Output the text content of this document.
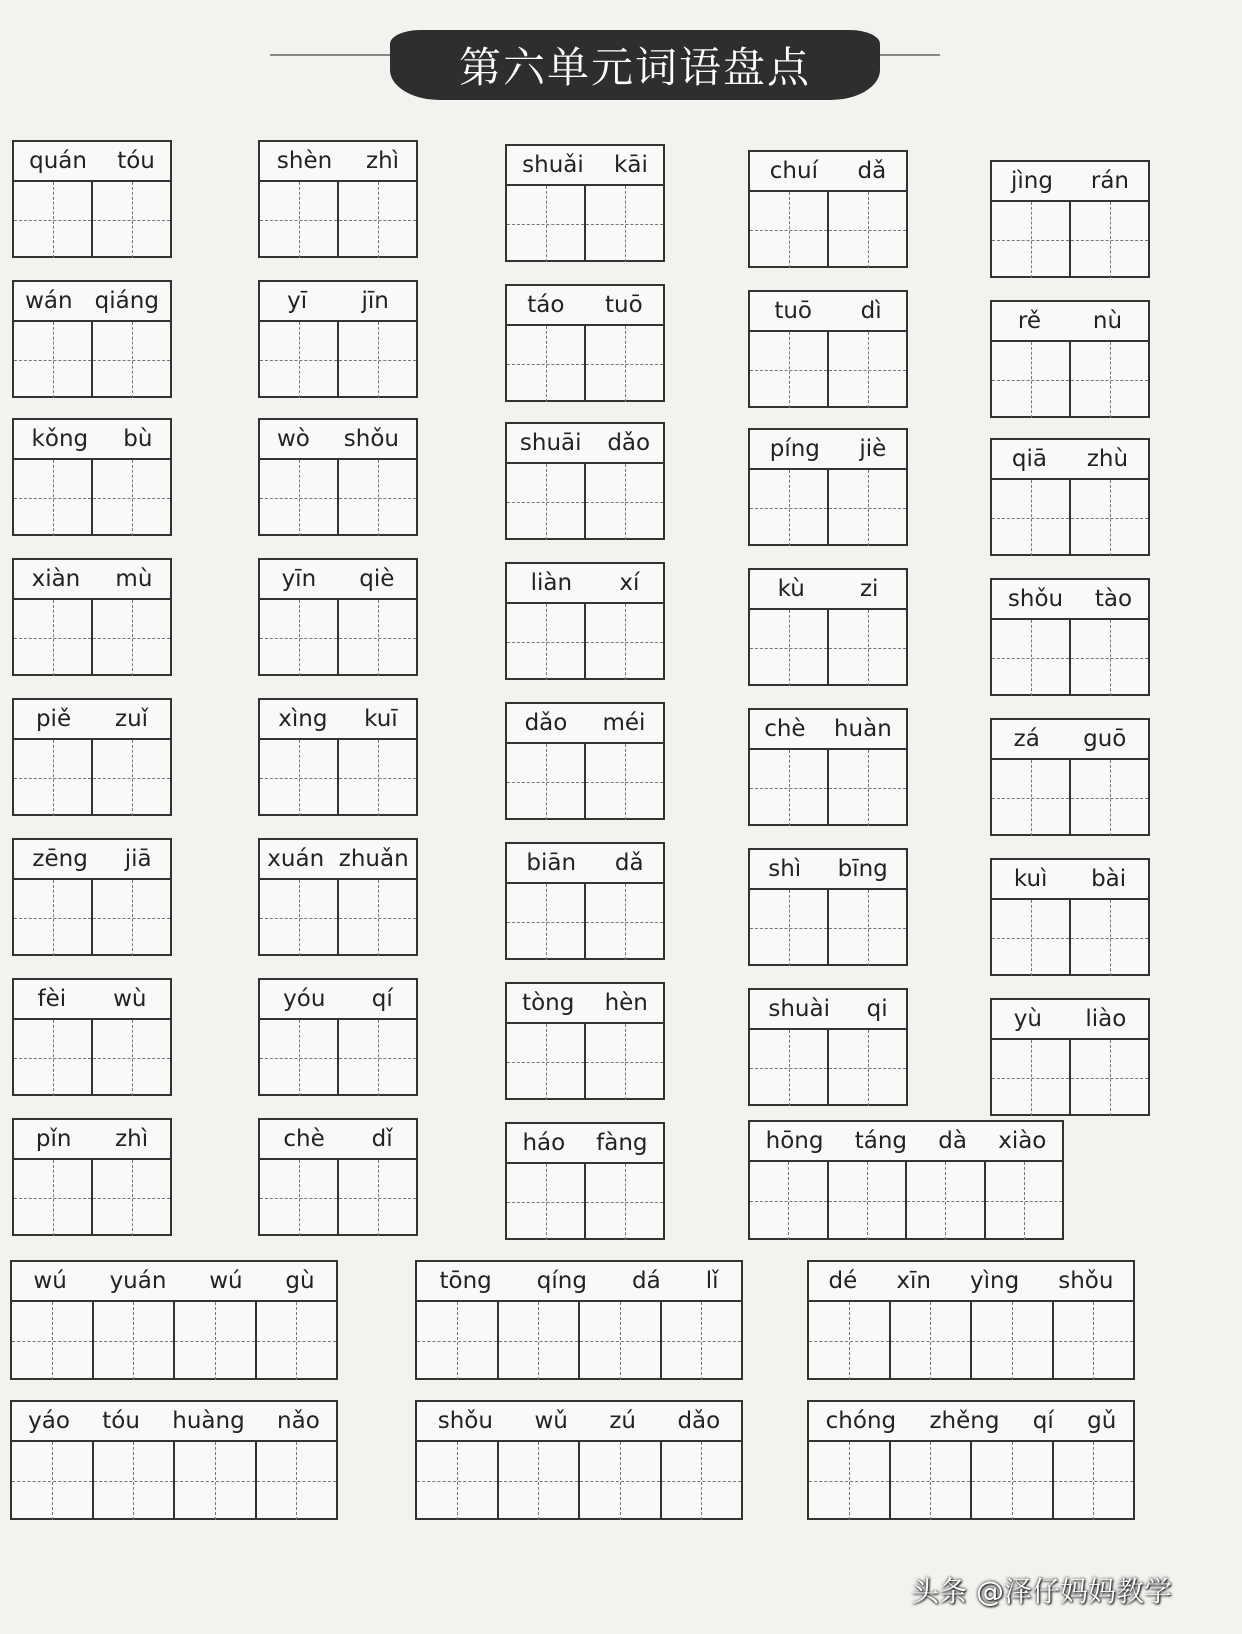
第六单元词语盘点
quán tóu	shèn zhì	shuǎi kāi	chuí dǎ	jìng rán
wán qiáng	yī jīn	táo tuō	tuō dì	rě nù
kǒng bù	wò shǒu	shuāi dǎo	píng jiè	qiā zhù
xiàn mù	yīn qiè	liàn xí	kù zi	shǒu tào
piě zuǐ	xìng kuī	dǎo méi	chè huàn	zá guō
zēng jiā	xuán zhuǎn	biān dǎ	shì bīng	kuì bài
fèi wù	yóu qí	tòng hèn	shuài qi	yù liào
pǐn zhì	chè dǐ	háo fàng	hōng táng dà xiào
wú yuán wú gù	tōng qíng dá lǐ	dé xīn yìng shǒu
yáo tóu huàng nǎo	shǒu wǔ zú dǎo	chóng zhěng qí gǔ
头条 @泽仔妈妈教学
